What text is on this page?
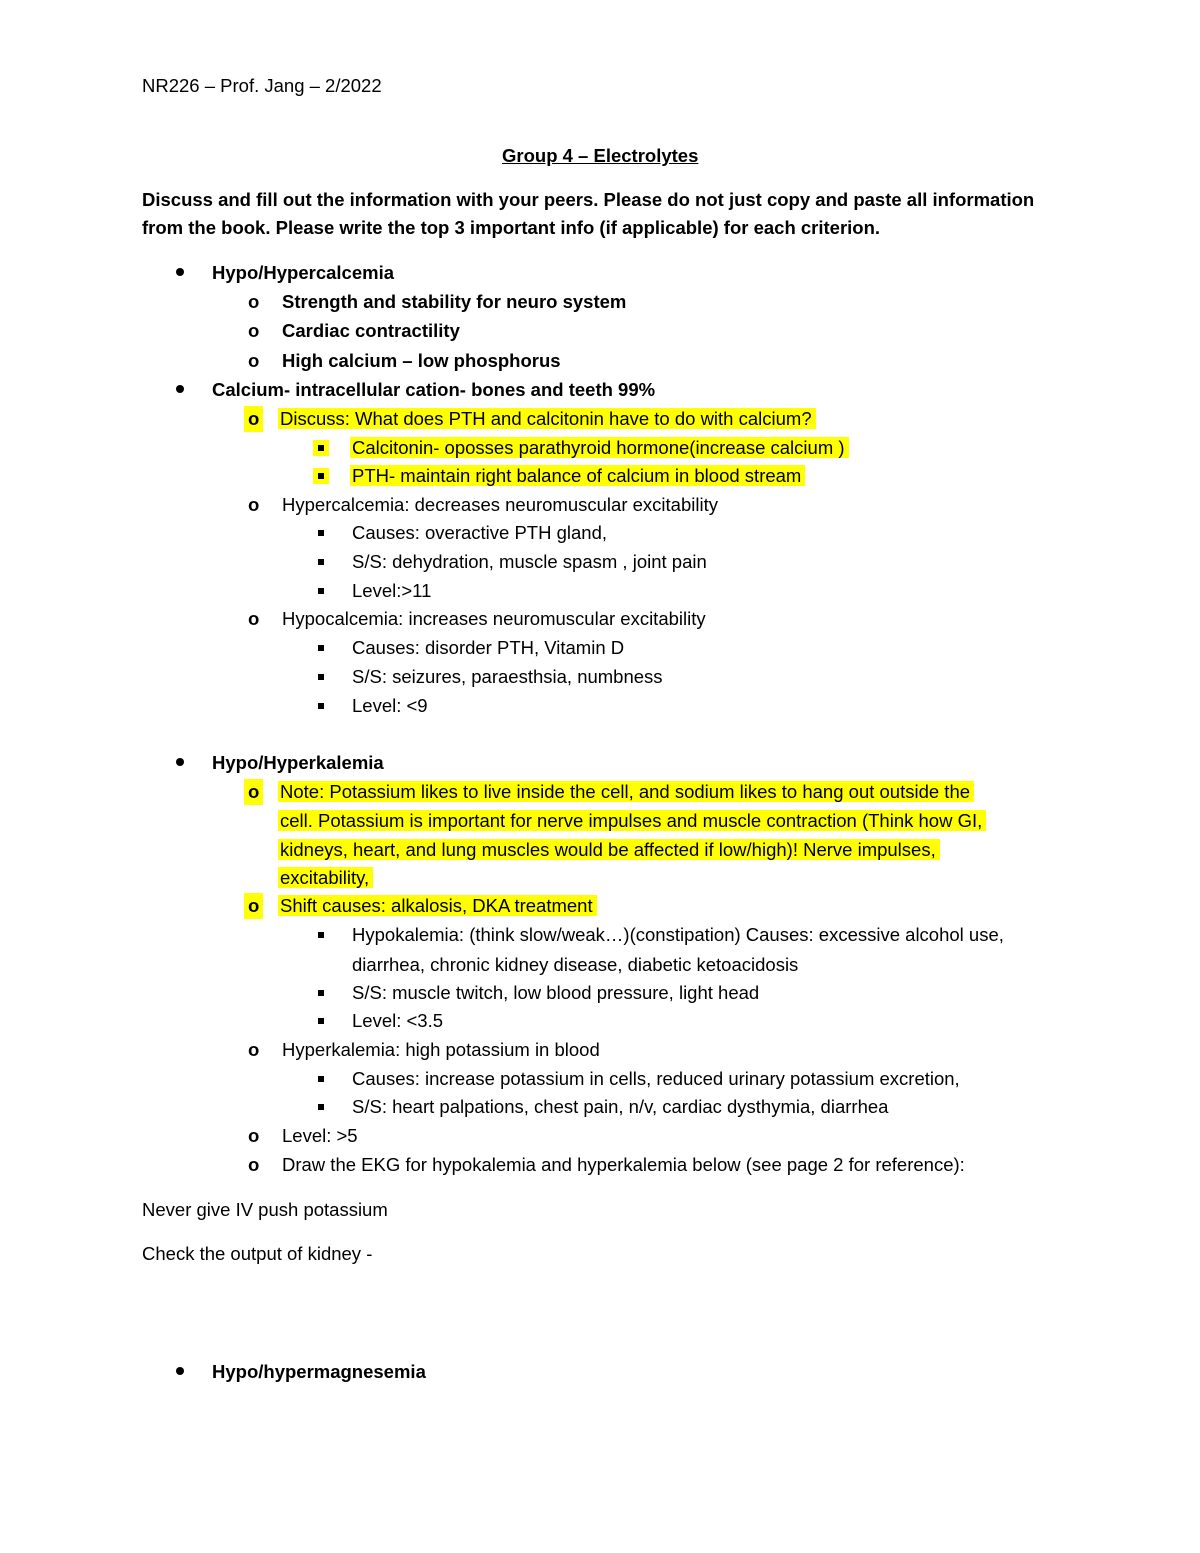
NR226 – Prof. Jang – 2/2022
Group 4 – Electrolytes
Discuss and fill out the information with your peers. Please do not just copy and paste all information
from the book. Please write the top 3 important info (if applicable) for each criterion.
Hypo/Hypercalcemia
o Strength and stability for neuro system
o Cardiac contractility
o High calcium – low phosphorus
Calcium- intracellular cation- bones and teeth 99%
o Discuss: What does PTH and calcitonin have to do with calcium?
Calcitonin- oposses parathyroid hormone(increase calcium )
PTH- maintain right balance of calcium in blood stream
o Hypercalcemia: decreases neuromuscular excitability
Causes: overactive PTH gland,
S/S: dehydration, muscle spasm , joint pain
Level:>11
o Hypocalcemia: increases neuromuscular excitability
Causes: disorder PTH, Vitamin D
S/S: seizures, paraesthsia, numbness
Level: <9
Hypo/Hyperkalemia
o Note: Potassium likes to live inside the cell, and sodium likes to hang out outside the
cell. Potassium is important for nerve impulses and muscle contraction (Think how GI,
kidneys, heart, and lung muscles would be affected if low/high)! Nerve impulses,
excitability,
o Shift causes: alkalosis, DKA treatment
Hypokalemia: (think slow/weak…)(constipation) Causes: excessive alcohol use,
diarrhea, chronic kidney disease, diabetic ketoacidosis
S/S: muscle twitch, low blood pressure, light head
Level: <3.5
o Hyperkalemia: high potassium in blood
Causes: increase potassium in cells, reduced urinary potassium excretion,
S/S: heart palpations, chest pain, n/v, cardiac dysthymia, diarrhea
o Level: >5
o Draw the EKG for hypokalemia and hyperkalemia below (see page 2 for reference):
Never give IV push potassium
Check the output of kidney -
Hypo/hypermagnesemia
